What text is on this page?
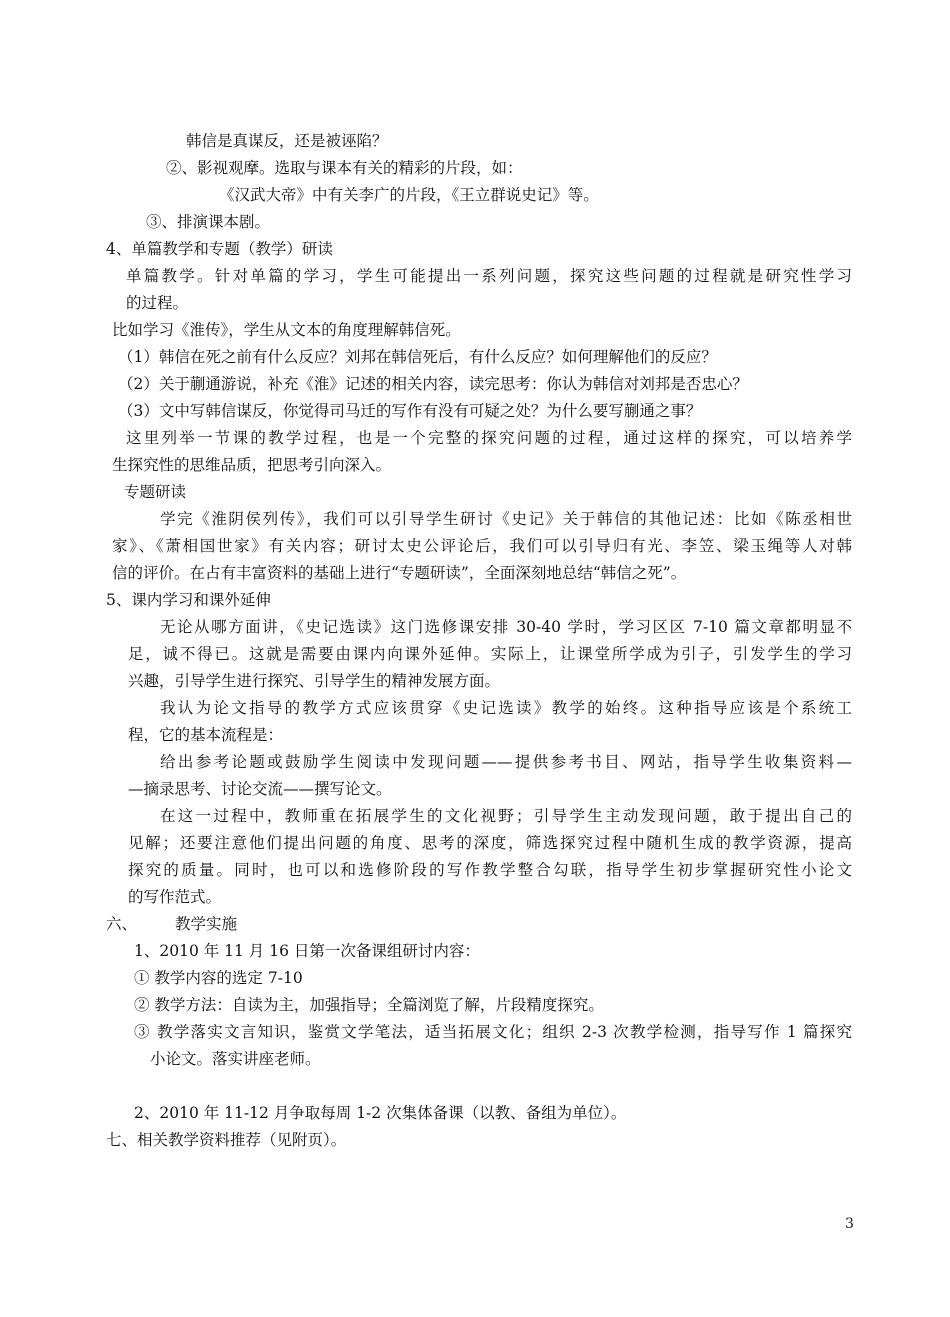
韩信是真谋反，还是被诬陷？
②、影视观摩。选取与课本有关的精彩的片段，如：
《汉武大帝》中有关李广的片段，《王立群说史记》等。
③、排演课本剧。
4、单篇教学和专题（教学）研读
单篇教学。针对单篇的学习，学生可能提出一系列问题，探究这些问题的过程就是研究性学习
的过程。
比如学习《淮传》，学生从文本的角度理解韩信死。
（1）韩信在死之前有什么反应？刘邦在韩信死后，有什么反应？如何理解他们的反应？
（2）关于蒯通游说，补充《淮》记述的相关内容，读完思考：你认为韩信对刘邦是否忠心？
（3）文中写韩信谋反，你觉得司马迁的写作有没有可疑之处？为什么要写蒯通之事？
这里列举一节课的教学过程，也是一个完整的探究问题的过程，通过这样的探究，可以培养学
生探究性的思维品质，把思考引向深入。
专题研读
学完《淮阴侯列传》，我们可以引导学生研讨《史记》关于韩信的其他记述：比如《陈丞相世
家》、《萧相国世家》有关内容；研讨太史公评论后，我们可以引导归有光、李笠、梁玉绳等人对韩
信的评价。在占有丰富资料的基础上进行“专题研读”，全面深刻地总结“韩信之死”。
5、课内学习和课外延伸
无论从哪方面讲，《史记选读》这门选修课安排 30-40 学时，学习区区 7-10 篇文章都明显不
足，诚不得已。这就是需要由课内向课外延伸。实际上，让课堂所学成为引子，引发学生的学习
兴趣，引导学生进行探究、引导学生的精神发展方面。
我认为论文指导的教学方式应该贯穿《史记选读》教学的始终。这种指导应该是个系统工
程，它的基本流程是：
给出参考论题或鼓励学生阅读中发现问题——提供参考书目、网站，指导学生收集资料—
—摘录思考、讨论交流——撰写论文。
在这一过程中，教师重在拓展学生的文化视野；引导学生主动发现问题，敢于提出自己的
见解；还要注意他们提出问题的角度、思考的深度，筛选探究过程中随机生成的教学资源，提高
探究的质量。同时，也可以和选修阶段的写作教学整合勾联，指导学生初步掌握研究性小论文
的写作范式。
六、 教学实施
1、2010 年 11 月 16 日第一次备课组研讨内容：
① 教学内容的选定 7-10
② 教学方法：自读为主，加强指导；全篇浏览了解，片段精度探究。
③ 教学落实文言知识，鉴赏文学笔法，适当拓展文化；组织 2-3 次教学检测，指导写作 1 篇探究
小论文。落实讲座老师。
2、2010 年 11-12 月争取每周 1-2 次集体备课（以教、备组为单位）。
七、相关教学资料推荐（见附页）。
3
